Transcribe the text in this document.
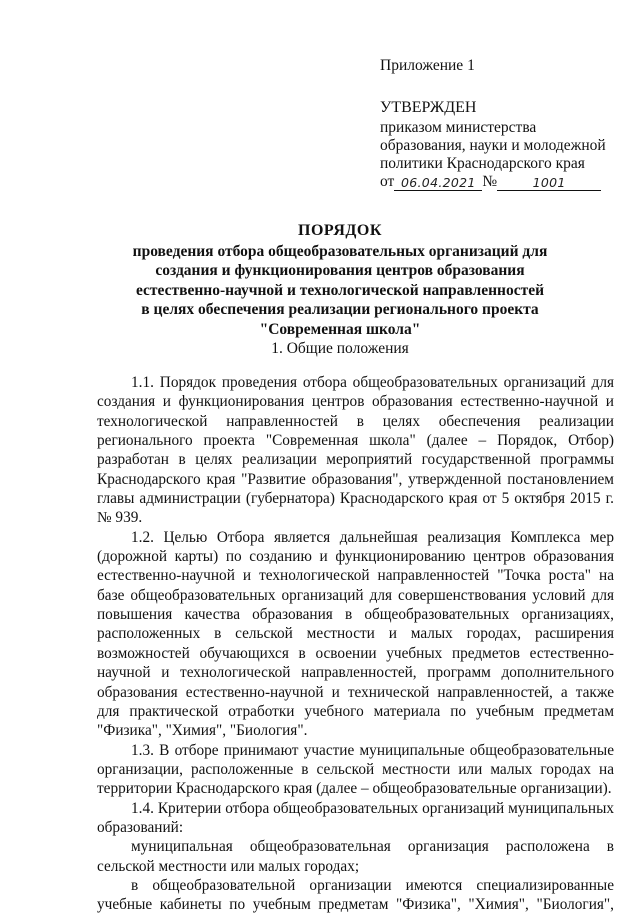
Приложение 1
УТВЕРЖДЕН
приказом министерства
образования, науки и молодежной
политики Краснодарского края
от 06.04.2021 №	1001
ПОРЯДОК
проведения отбора общеобразовательных организаций для
создания и функционирования центров образования
естественно-научной и технологической направленностей
в целях обеспечения реализации регионального проекта
"Современная школа"
1. Общие положения

1.1. Порядок проведения отбора общеобразовательных организаций для создания и функционирования центров образования естественно-научной и технологической направленностей в целях обеспечения реализации регионального проекта "Современная школа" (далее – Порядок, Отбор) разработан в целях реализации мероприятий государственной программы Краснодарского края "Развитие образования", утвержденной постановлением главы администрации (губернатора) Краснодарского края от 5 октября 2015 г. № 939.

1.2. Целью Отбора является дальнейшая реализация Комплекса мер (дорожной карты) по созданию и функционированию центров образования естественно-научной и технологической направленностей "Точка роста" на базе общеобразовательных организаций для совершенствования условий для повышения качества образования в общеобразовательных организациях, расположенных в сельской местности и малых городах, расширения возможностей обучающихся в освоении учебных предметов естественно-научной и технологической направленностей, программ дополнительного образования естественно-научной и технической направленностей, а также для практической отработки учебного материала по учебным предметам "Физика", "Химия", "Биология".

1.3. В отборе принимают участие муниципальные общеобразовательные организации, расположенные в сельской местности или малых городах на территории Краснодарского края (далее – общеобразовательные организации).

1.4. Критерии отбора общеобразовательных организаций муниципальных образований:

муниципальная общеобразовательная организация расположена в сельской местности или малых городах;

в общеобразовательной организации имеются специализированные учебные кабинеты по учебным предметам "Физика", "Химия", "Биология",
